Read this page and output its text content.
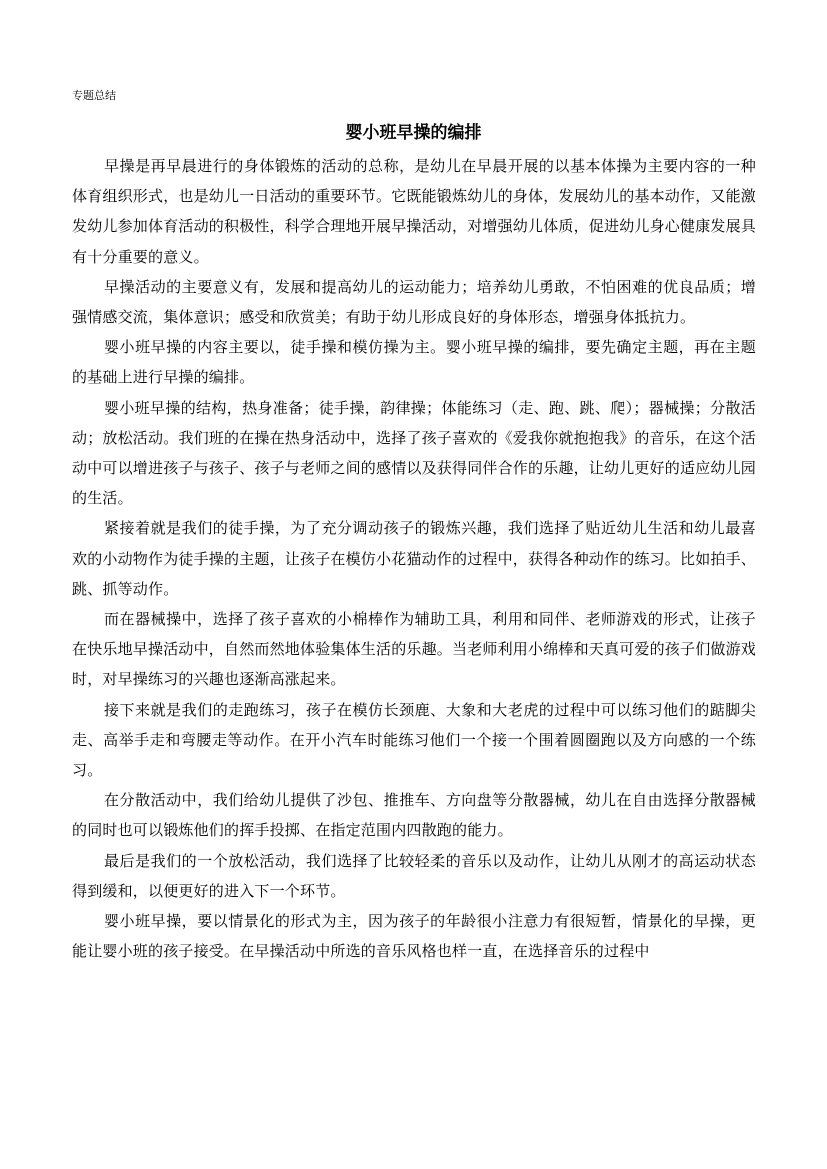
专题总结
婴小班早操的编排

早操是再早晨进行的身体锻炼的活动的总称，是幼儿在早晨开展的以基本体操为主要内容的一种体育组织形式，也是幼儿一日活动的重要环节。它既能锻炼幼儿的身体，发展幼儿的基本动作，又能激发幼儿参加体育活动的积极性，科学合理地开展早操活动，对增强幼儿体质，促进幼儿身心健康发展具有十分重要的意义。

早操活动的主要意义有，发展和提高幼儿的运动能力；培养幼儿勇敢，不怕困难的优良品质；增强情感交流，集体意识；感受和欣赏美；有助于幼儿形成良好的身体形态，增强身体抵抗力。

婴小班早操的内容主要以，徒手操和模仿操为主。婴小班早操的编排，要先确定主题，再在主题的基础上进行早操的编排。

婴小班早操的结构，热身准备；徒手操，韵律操；体能练习（走、跑、跳、爬）；器械操；分散活动；放松活动。我们班的在操在热身活动中，选择了孩子喜欢的《爱我你就抱抱我》的音乐，在这个活动中可以增进孩子与孩子、孩子与老师之间的感情以及获得同伴合作的乐趣，让幼儿更好的适应幼儿园的生活。

紧接着就是我们的徒手操，为了充分调动孩子的锻炼兴趣，我们选择了贴近幼儿生活和幼儿最喜欢的小动物作为徒手操的主题，让孩子在模仿小花猫动作的过程中，获得各种动作的练习。比如拍手、跳、抓等动作。

而在器械操中，选择了孩子喜欢的小棉棒作为辅助工具，利用和同伴、老师游戏的形式，让孩子在快乐地早操活动中，自然而然地体验集体生活的乐趣。当老师利用小绵棒和天真可爱的孩子们做游戏时，对早操练习的兴趣也逐渐高涨起来。

接下来就是我们的走跑练习，孩子在模仿长颈鹿、大象和大老虎的过程中可以练习他们的踮脚尖走、高举手走和弯腰走等动作。在开小汽车时能练习他们一个接一个围着圆圈跑以及方向感的一个练习。

在分散活动中，我们给幼儿提供了沙包、推推车、方向盘等分散器械，幼儿在自由选择分散器械的同时也可以锻炼他们的挥手投掷、在指定范围内四散跑的能力。

最后是我们的一个放松活动，我们选择了比较轻柔的音乐以及动作，让幼儿从刚才的高运动状态得到缓和，以便更好的进入下一个环节。

婴小班早操，要以情景化的形式为主，因为孩子的年龄很小注意力有很短暂，情景化的早操，更能让婴小班的孩子接受。在早操活动中所选的音乐风格也样一直，在选择音乐的过程中
